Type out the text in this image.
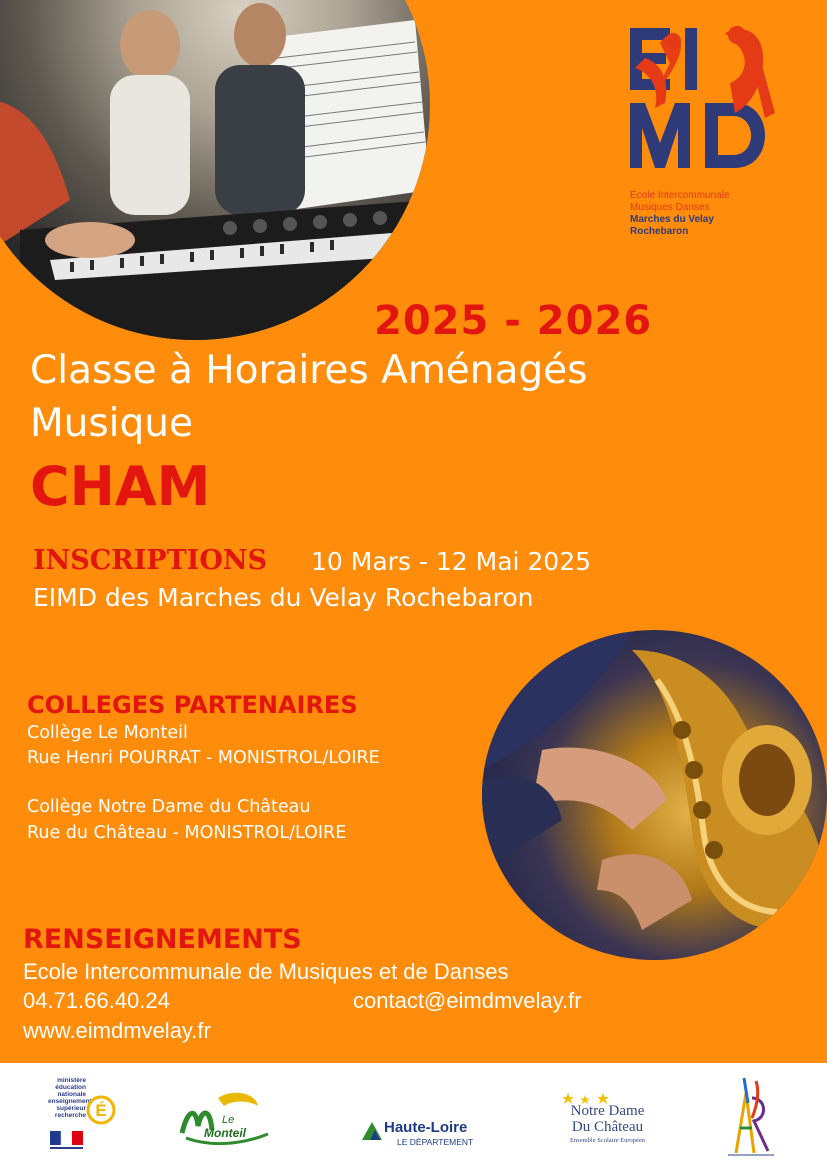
École Intercommunale
Musiques Danses
Marches du Velay
Rochebaron
2025 - 2026
Classe à Horaires Aménagés
Musique
CHAM
INSCRIPTIONS 10 Mars - 12 Mai 2025
EIMD des Marches du Velay Rochebaron
COLLEGES PARTENAIRES
Collège Le Monteil
Rue Henri POURRAT - MONISTROL/LOIRE
Collège Notre Dame du Château
Rue du Château - MONISTROL/LOIRE
RENSEIGNEMENTS
Ecole Intercommunale de Musiques et de Danses
04.71.66.40.24	contact@eimdmvelay.fr
www.eimdmvelay.fr
ministère
éducation
nationale
enseignement
supérieur
recherche É	Le
Monteil	Haute-Loire
LE DÉPARTEMENT
Notre Dame
Du Château
Ensemble Scolaire Européen
